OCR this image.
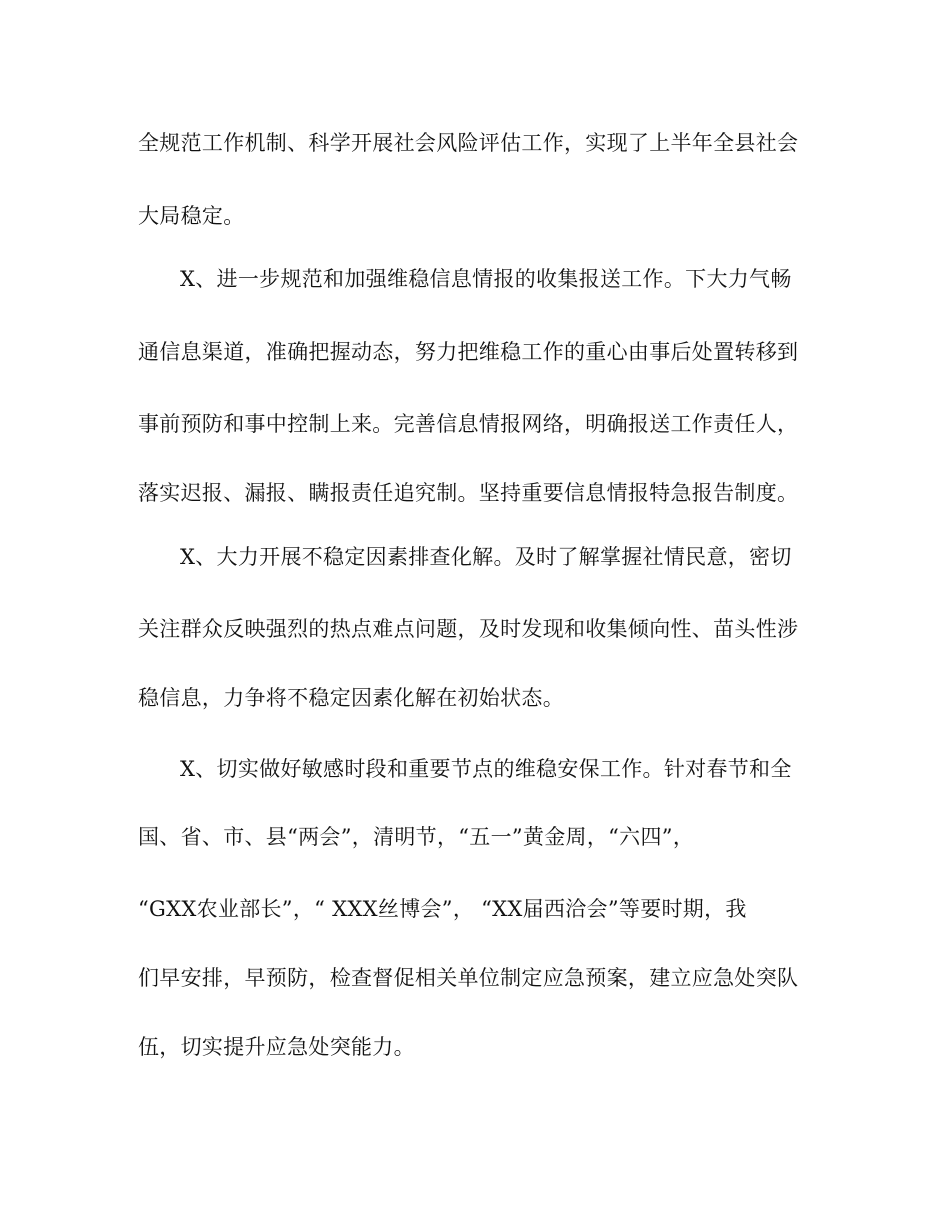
全规范工作机制、科学开展社会风险评估工作，实现了上半年全县社会
大局稳定。
X、进一步规范和加强维稳信息情报的收集报送工作。下大力气畅
通信息渠道，准确把握动态，努力把维稳工作的重心由事后处置转移到
事前预防和事中控制上来。完善信息情报网络，明确报送工作责任人，
落实迟报、漏报、瞒报责任追究制。坚持重要信息情报特急报告制度。
X、大力开展不稳定因素排查化解。及时了解掌握社情民意，密切
关注群众反映强烈的热点难点问题，及时发现和收集倾向性、苗头性涉
稳信息，力争将不稳定因素化解在初始状态。
X、切实做好敏感时段和重要节点的维稳安保工作。针对春节和全
国、省、市、县“两会”，清明节，“五一”黄金周，“六四”，
“GXX农业部长”，“ XXX丝博会”， “XX届西洽会”等要时期，我
们早安排，早预防，检查督促相关单位制定应急预案，建立应急处突队
伍，切实提升应急处突能力。
